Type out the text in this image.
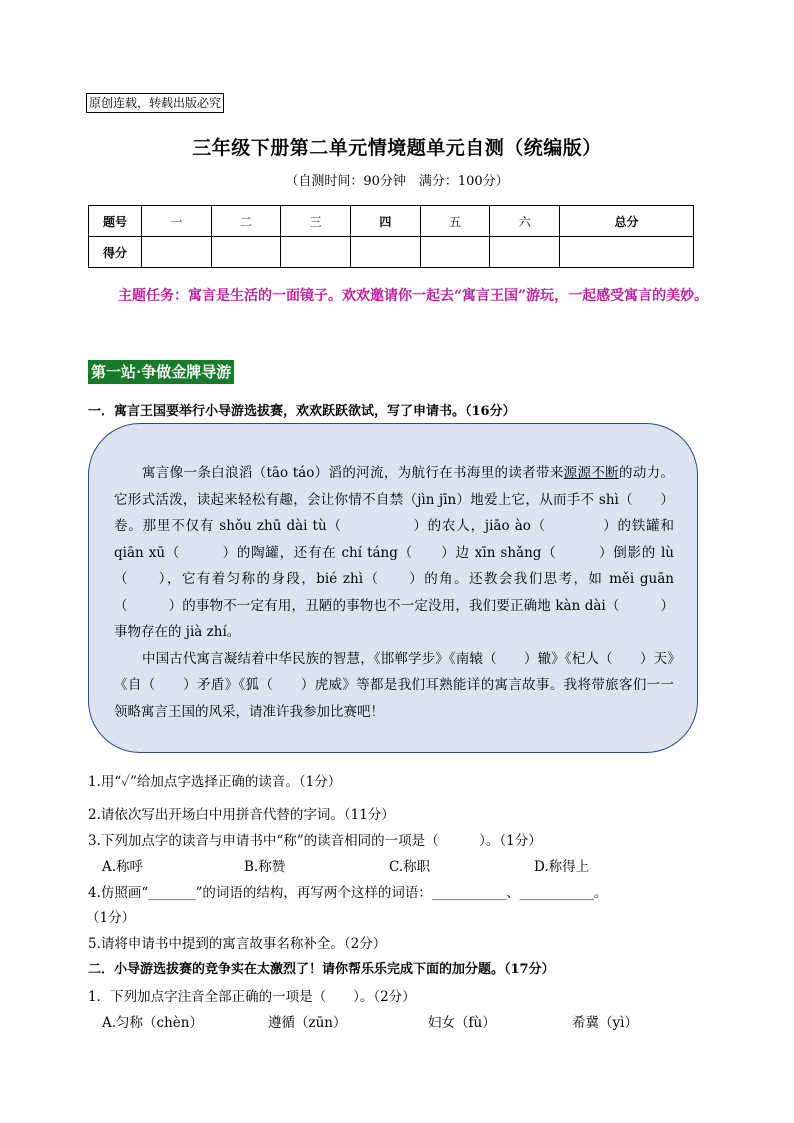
原创连载，转载出版必究
三年级下册第二单元情境题单元自测（统编版）
（自测时间：90分钟　满分：100分）
题号	一	二	三	四	五	六	总分
得分							
主题任务：寓言是生活的一面镜子。欢欢邀请你一起去“寓言王国”游玩，一起感受寓言的美妙。
第一站·争做金牌导游
一．寓言王国要举行小导游选拔赛，欢欢跃跃欲试，写了申请书。（16分）

寓言像一条白浪滔（tāo táo）滔的河流，为航行在书海里的读者带来源源不断的动力。它形式活泼，读起来轻松有趣，会让你情不自禁（jìn jīn）地爱上它，从而手不 shì（　　）卷。那里不仅有 shǒu zhū dài tù（　　　　　）的农人，jiāo ào（　　　　）的铁罐和 qiān xū（　　　）的陶罐，还有在 chí táng（　　）边 xīn shǎng（　　　）倒影的 lù（　　），它有着匀称的身段，bié zhì（　　）的角。还教会我们思考，如 měi guān（　　　）的事物不一定有用，丑陋的事物也不一定没用，我们要正确地 kàn dài（　　　）事物存在的 jià zhí。

中国古代寓言凝结着中华民族的智慧，《邯郸学步》《南辕（　　）辙》《杞人（　　）天》《自（　　）矛盾》《狐（　　）虎威》等都是我们耳熟能详的寓言故事。我将带旅客们一一领略寓言王国的风采，请准许我参加比赛吧！

1.用“✓”给加点字选择正确的读音。（1分）
2.请依次写出开场白中用拼音代替的字词。（11分）
3.下列加点字的读音与申请书中“称”的读音相同的一项是（　　　）。（1分）
A.称呼	B.称赞	C.称职	D.称得上
4.仿照画“_______”的词语的结构，再写两个这样的词语：___________、___________。
（1分）
5.请将申请书中提到的寓言故事名称补全。（2分）
二．小导游选拔赛的竞争实在太激烈了！请你帮乐乐完成下面的加分题。（17分）
1．下列加点字注音全部正确的一项是（　　）。（2分）
A.匀称（chèn）	遵循（zūn）	妇女（fù）	希冀（yì）
